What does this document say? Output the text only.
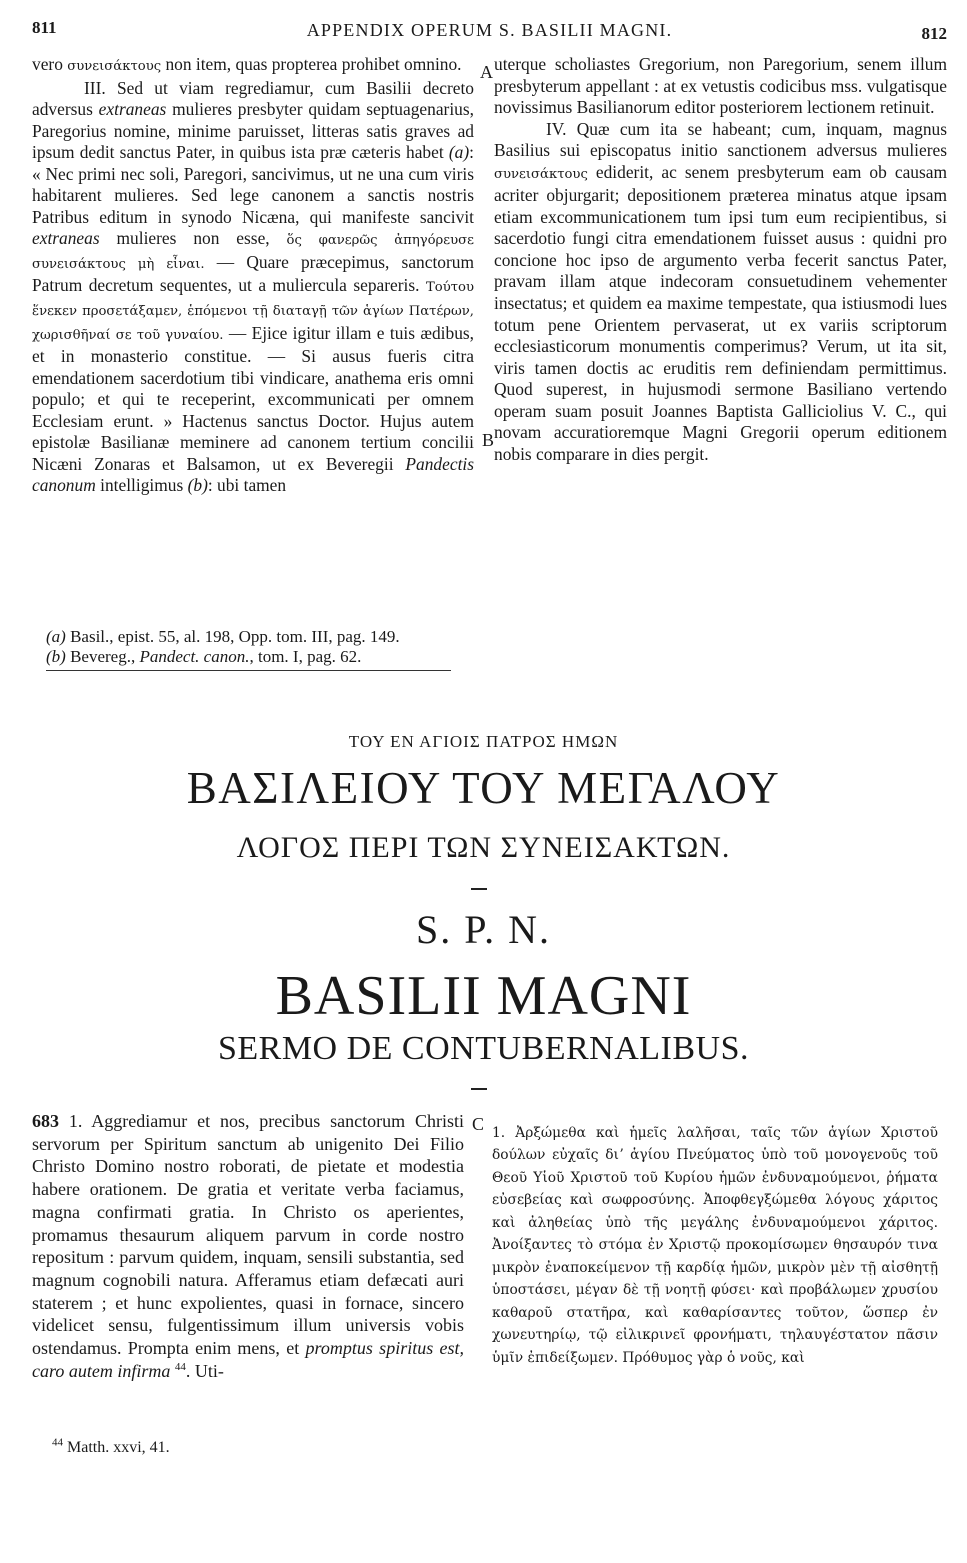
811	APPENDIX OPERUM S. BASILII MAGNI.	812

vero συνεισάκτους non item, quas propterea prohibet omnino.

III. Sed ut viam regrediamur, cum Basilii decreto adversus extraneas mulieres presbyter quidam septuagenarius, Paregorius nomine, minime paruisset, litteras satis graves ad ipsum dedit sanctus Pater, in quibus ista præ cæteris habet (a): « Nec primi nec soli, Paregori, sancivimus, ut ne una cum viris habitarent mulieres. Sed lege canonem a sanctis nostris Patribus editum in synodo Nicæna, qui manifeste sancivit extraneas mulieres non esse, ὅς φανερῶς ἀπηγόρευσε συνεισάκτους μὴ εἶναι. — Quare præcepimus, sanctorum Patrum decretum sequentes, ut a muliercula separeris. Τούτου ἕνεκεν προσετάξαμεν, ἑπόμενοι τῇ διαταγῇ τῶν ἁγίων Πατέρων, χωρισθῆναί σε τοῦ γυναίου. — Ejice igitur illam e tuis ædibus, et in monasterio constitue. — Si ausus fueris citra emendationem sacerdotium tibi vindicare, anathema eris omni populo; et qui te receperint, excommunicati per omnem Ecclesiam erunt. » Hactenus sanctus Doctor. Hujus autem epistolæ Basilianæ meminere ad canonem tertium concilii Nicæni Zonaras et Balsamon, ut ex Beveregii Pandectis canonum intelligimus (b): ubi tamen

A
B

uterque scholiastes Gregorium, non Paregorium, senem illum presbyterum appellant : at ex vetustis codicibus mss. vulgatisque novissimus Basilianorum editor posteriorem lectionem retinuit.

IV. Quæ cum ita se habeant; cum, inquam, magnus Basilius sui episcopatus initio sanctionem adversus mulieres συνεισάκτους ediderit, ac senem presbyterum eam ob causam acriter objurgarit; depositionem præterea minatus atque ipsam etiam excommunicationem tum ipsi tum eum recipientibus, si sacerdotio fungi citra emendationem fuisset ausus : quidni pro concione hoc ipso de argumento verba fecerit sanctus Pater, pravam illam atque indecoram consuetudinem vehementer insectatus; et quidem ea maxime tempestate, qua istiusmodi lues totum pene Orientem pervaserat, ut ex variis scriptorum ecclesiasticorum monumentis comperimus? Verum, ut ita sit, viris tamen doctis ac eruditis rem definiendam permittimus. Quod superest, in hujusmodi sermone Basiliano vertendo operam suam posuit Joannes Baptista Galliciolius V. C., qui novam accuratioremque Magni Gregorii operum editionem nobis comparare in dies pergit.

(a) Basil., epist. 55, al. 198, Opp. tom. III, pag. 149.
(b) Bevereg., Pandect. canon., tom. I, pag. 62.
ΤΟΥ ΕΝ ΑΓΙΟΙΣ ΠΑΤΡΟΣ ΗΜΩΝ
ΒΑΣΙΛΕΙΟΥ ΤΟΥ ΜΕΓΑΛΟΥ
ΛΟΓΟΣ ΠΕΡΙ ΤΩΝ ΣΥΝΕΙΣΑΚΤΩΝ.
S. P. N.
BASILII MAGNI
SERMO DE CONTUBERNALIBUS.

683 1. Aggrediamur et nos, precibus sanctorum Christi servorum per Spiritum sanctum ab unigenito Dei Filio Christo Domino nostro roborati, de pietate et modestia habere orationem. De gratia et veritate verba faciamus, magna confirmati gratia. In Christo os aperientes, promamus thesaurum aliquem parvum in corde nostro repositum : parvum quidem, inquam, sensili substantia, sed magnum cognobili natura. Afferamus etiam defæcati auri staterem ; et hunc expolientes, quasi in fornace, sincero videlicet sensu, fulgentissimum illum universis vobis ostendamus. Prompta enim mens, et promptus spiritus est, caro autem infirma $^{44}$. Uti-

C 1. Ἀρξώμεθα καὶ ἡμεῖς λαλῆσαι, ταῖς τῶν ἁγίων Χριστοῦ δούλων εὐχαῖς διʼ ἁγίου Πνεύματος ὑπὸ τοῦ μονογενοῦς τοῦ Θεοῦ Υἱοῦ Χριστοῦ τοῦ Κυρίου ἡμῶν ἐνδυναμούμενοι, ῥήματα εὐσεβείας καὶ σωφροσύνης. Ἀποφθεγξώμεθα λόγους χάριτος καὶ ἀληθείας ὑπὸ τῆς μεγάλης ἐνδυναμούμενοι χάριτος. Ἀνοίξαντες τὸ στόμα ἐν Χριστῷ προκομίσωμεν θησαυρόν τινα μικρὸν ἐναποκείμενον τῇ καρδίᾳ ἡμῶν, μικρὸν μὲν τῇ αἰσθητῇ ὑποστάσει, μέγαν δὲ τῇ νοητῇ φύσει· καὶ προβάλωμεν χρυσίου καθαροῦ στατῆρα, καὶ καθαρίσαντες τοῦτον, ὥσπερ ἐν χωνευτηρίῳ, τῷ εἰλικρινεῖ φρονήματι, τηλαυγέστατον πᾶσιν ὑμῖν ἐπιδείξωμεν. Πρόθυμος γὰρ ὁ νοῦς, καὶ

$^{44}$ Matth. xxvi, 41.
